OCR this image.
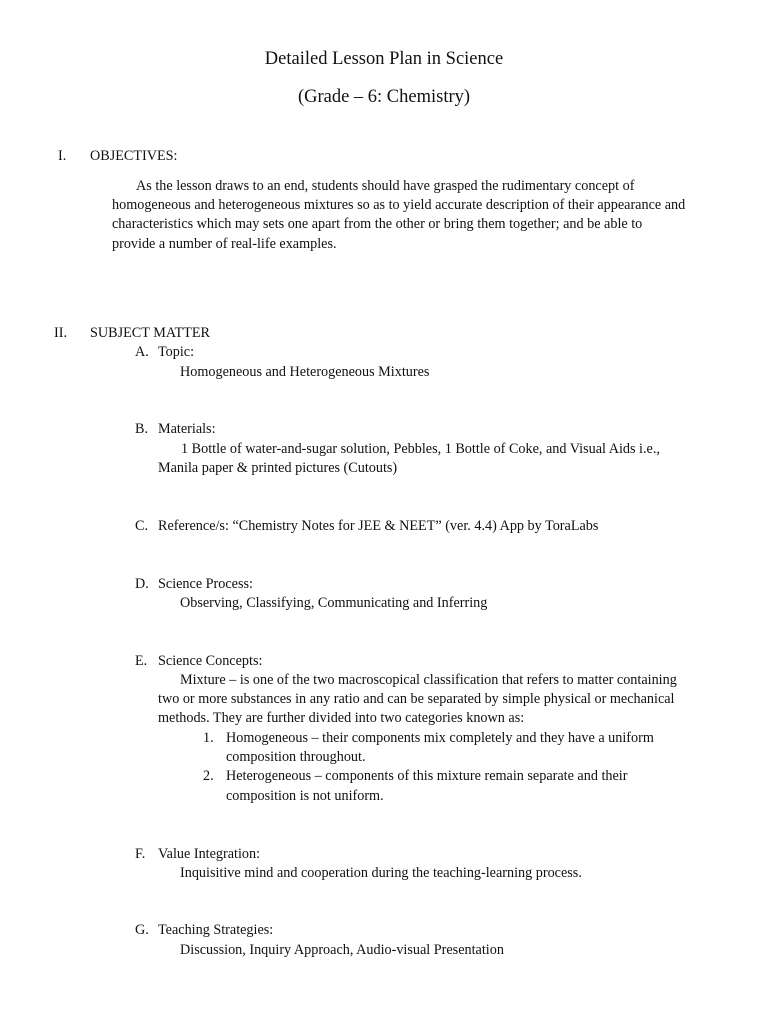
Detailed Lesson Plan in Science
(Grade – 6: Chemistry)
I. OBJECTIVES:
As the lesson draws to an end, students should have grasped the rudimentary concept of
homogeneous and heterogeneous mixtures so as to yield accurate description of their appearance and
characteristics which may sets one apart from the other or bring them together; and be able to
provide a number of real-life examples.
II. SUBJECT MATTER
A. Topic:
Homogeneous and Heterogeneous Mixtures
B. Materials:
1 Bottle of water-and-sugar solution, Pebbles, 1 Bottle of Coke, and Visual Aids i.e.,
Manila paper & printed pictures (Cutouts)
C. Reference/s: “Chemistry Notes for JEE & NEET” (ver. 4.4) App by ToraLabs
D. Science Process:
Observing, Classifying, Communicating and Inferring
E. Science Concepts:
Mixture – is one of the two macroscopical classification that refers to matter containing
two or more substances in any ratio and can be separated by simple physical or mechanical
methods. They are further divided into two categories known as:
1. Homogeneous – their components mix completely and they have a uniform
composition throughout.
2. Heterogeneous – components of this mixture remain separate and their
composition is not uniform.
F. Value Integration:
Inquisitive mind and cooperation during the teaching-learning process.
G. Teaching Strategies:
Discussion, Inquiry Approach, Audio-visual Presentation
